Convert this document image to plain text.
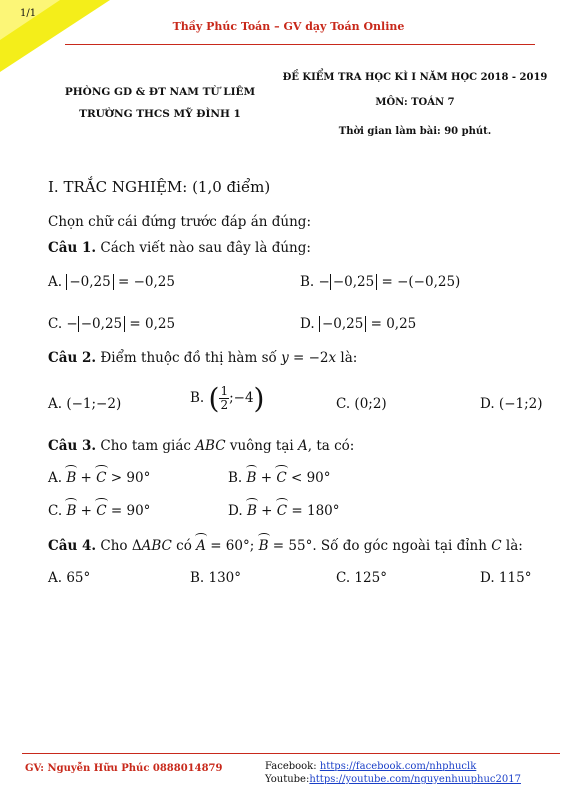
1/1
Thầy Phúc Toán – GV dạy Toán Online
PHÒNG GD & ĐT NAM TỪ LIÊM
TRƯỜNG THCS MỸ ĐÌNH 1
ĐỀ KIỂM TRA HỌC KÌ I NĂM HỌC 2018 - 2019
MÔN: TOÁN 7
Thời gian làm bài: 90 phút.
I. TRẮC NGHIỆM: (1,0 điểm)
Chọn chữ cái đứng trước đáp án đúng:
Câu 1. Cách viết nào sau đây là đúng:
A. −0,25 = −0,25	B. − −0,25 = −(−0,25)
C. − −0,25 = 0,25	D. −0,25 = 0,25
Câu 2. Điểm thuộc đồ thị hàm số y = −2x là:
A. (−1;−2)	B. ( $\frac{1}{2}$ ;−4)	C. (0;2)	D. (−1;2)
Câu 3. Cho tam giác ABC vuông tại A, ta có:
A. B + C > 90°	B. B + C < 90°
C. B + C = 90°	D. B + C = 180°
Câu 4. Cho ΔABC có A = 60°; B = 55°. Số đo góc ngoài tại đỉnh C là:
A. 65°	B. 130°	C. 125°	D. 115°
GV: Nguyễn Hữu Phúc 0888014879	Facebook: https://facebook.com/nhphuclk
Youtube:https://youtube.com/nguyenhuuphuc2017
